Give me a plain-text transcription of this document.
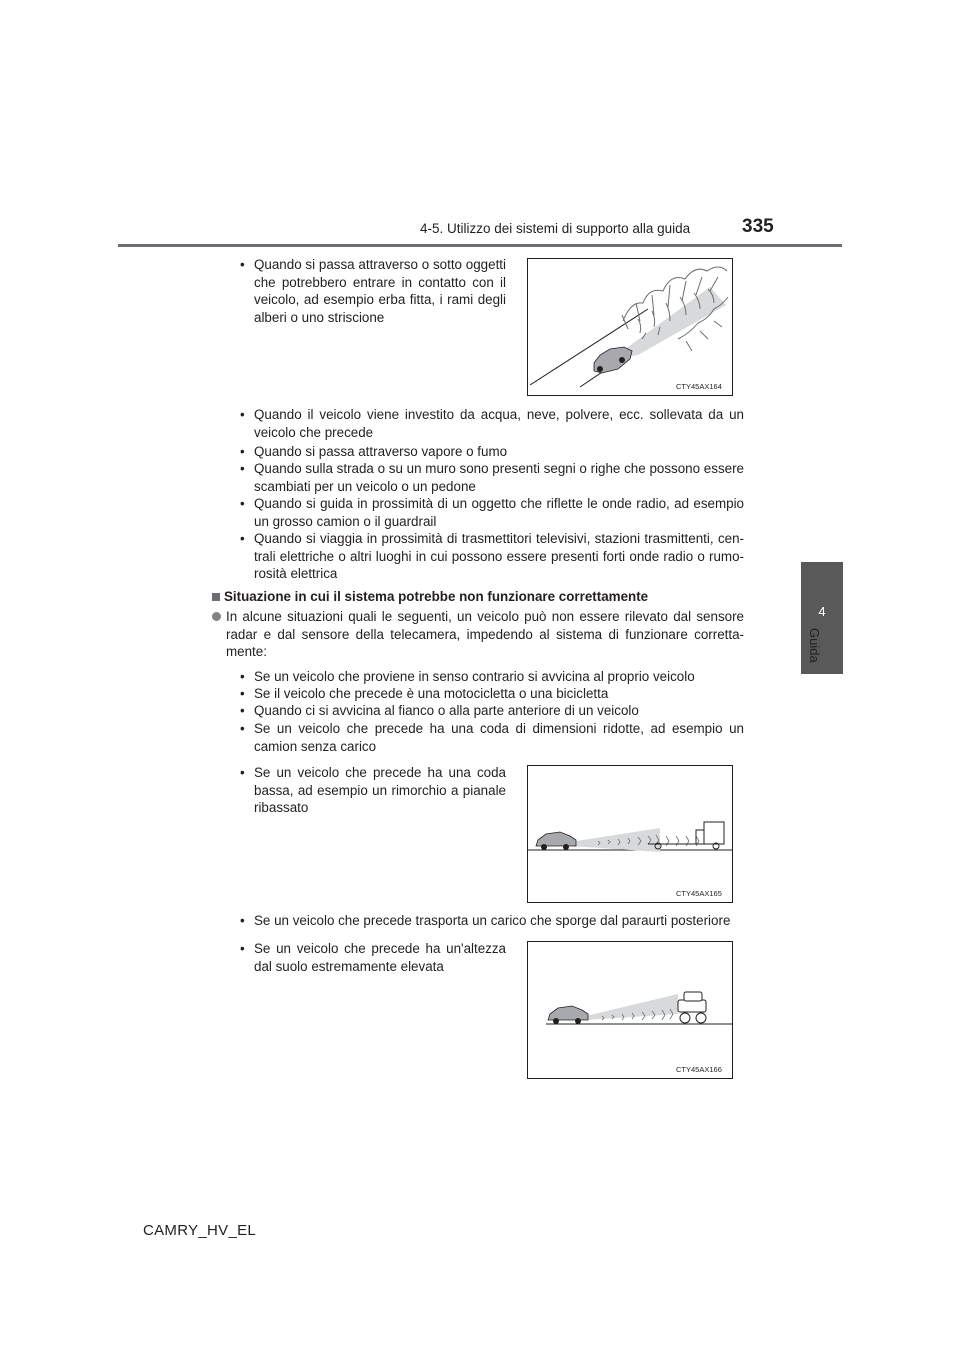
4-5. Utilizzo dei sistemi di supporto alla guida	335
4
Guida
• Quando si passa attraverso o sotto oggetti che potrebbero entrare in contatto con il veicolo, ad esempio erba fitta, i rami degli alberi o uno striscione
CTY45AX164
• Quando il veicolo viene investito da acqua, neve, polvere, ecc. sollevata da un veicolo che precede
• Quando si passa attraverso vapore o fumo
• Quando sulla strada o su un muro sono presenti segni o righe che possono essere scambiati per un veicolo o un pedone
• Quando si guida in prossimità di un oggetto che riflette le onde radio, ad esempio un grosso camion o il guardrail
• Quando si viaggia in prossimità di trasmettitori televisivi, stazioni trasmittenti, cen-trali elettriche o altri luoghi in cui possono essere presenti forti onde radio o rumo-rosità elettrica
Situazione in cui il sistema potrebbe non funzionare correttamente
In alcune situazioni quali le seguenti, un veicolo può non essere rilevato dal sensore radar e dal sensore della telecamera, impedendo al sistema di funzionare corretta-mente:
• Se un veicolo che proviene in senso contrario si avvicina al proprio veicolo
• Se il veicolo che precede è una motocicletta o una bicicletta
• Quando ci si avvicina al fianco o alla parte anteriore di un veicolo
• Se un veicolo che precede ha una coda di dimensioni ridotte, ad esempio un camion senza carico
• Se un veicolo che precede ha una coda bassa, ad esempio un rimorchio a pianale ribassato
CTY45AX165
• Se un veicolo che precede trasporta un carico che sporge dal paraurti posteriore
• Se un veicolo che precede ha un'altezza dal suolo estremamente elevata
CTY45AX166
CAMRY_HV_EL
